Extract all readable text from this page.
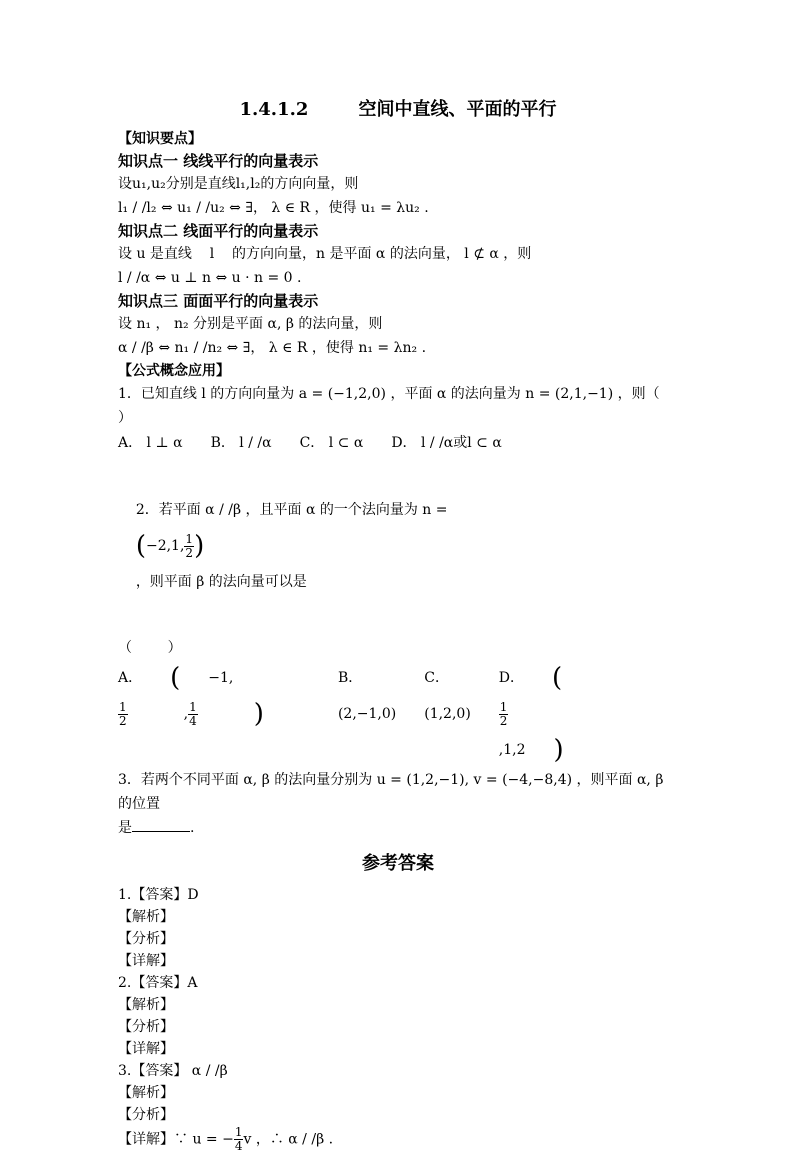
1.4.1.2        空间中直线、平面的平行

【知识要点】

知识点一 线线平行的向量表示

设u₁,u₂分别是直线l₁,l₂的方向向量，则

l₁ / /l₂ ⇔ u₁ / /u₂ ⇔ ∃， λ ∈ R ，使得 u₁ = λu₂ .

知识点二 线面平行的向量表示

设 u 是直线    l    的方向向量，n 是平面 α 的法向量， l ⊄ α ，则

l / /α ⇔ u ⊥ n ⇔ u · n = 0 .

知识点三 面面平行的向量表示

设 n₁ ， n₂ 分别是平面 α, β 的法向量，则

α / /β ⇔ n₁ / /n₂ ⇔ ∃， λ ∈ R ，使得 n₁ = λn₂ .

【公式概念应用】

1．已知直线 l 的方向向量为 a = (−1,2,0) ，平面 α 的法向量为 n = (2,1,−1) ，则（        ）

A． l ⊥ α B． l / /α C． l ⊂ α D． l / /α或l ⊂ α

2．若平面 α / /β ，且平面 α 的一个法向量为 n =
(−2,1, $\frac{1}{2}$ )
，则平面 β 的法向量可以是

（        ）

A． ( −1,
$\frac{1}{2}$ , $\frac{1}{4}$ )
B． (2,−1,0)
C． (1,2,0)
D． (
$\frac{1}{2}$
,1,2 )

3．若两个不同平面 α, β 的法向量分别为 u = (1,2,−1), v = (−4,−8,4) ，则平面 α, β 的位置

是	.

参考答案

1.【答案】D

【解析】

【分析】

【详解】

2.【答案】A

【解析】

【分析】

【详解】

3.【答案】 α / /β

【解析】

【分析】

【详解】∵ u = − $\frac{1}{4}$ v ，∴ α / /β .
